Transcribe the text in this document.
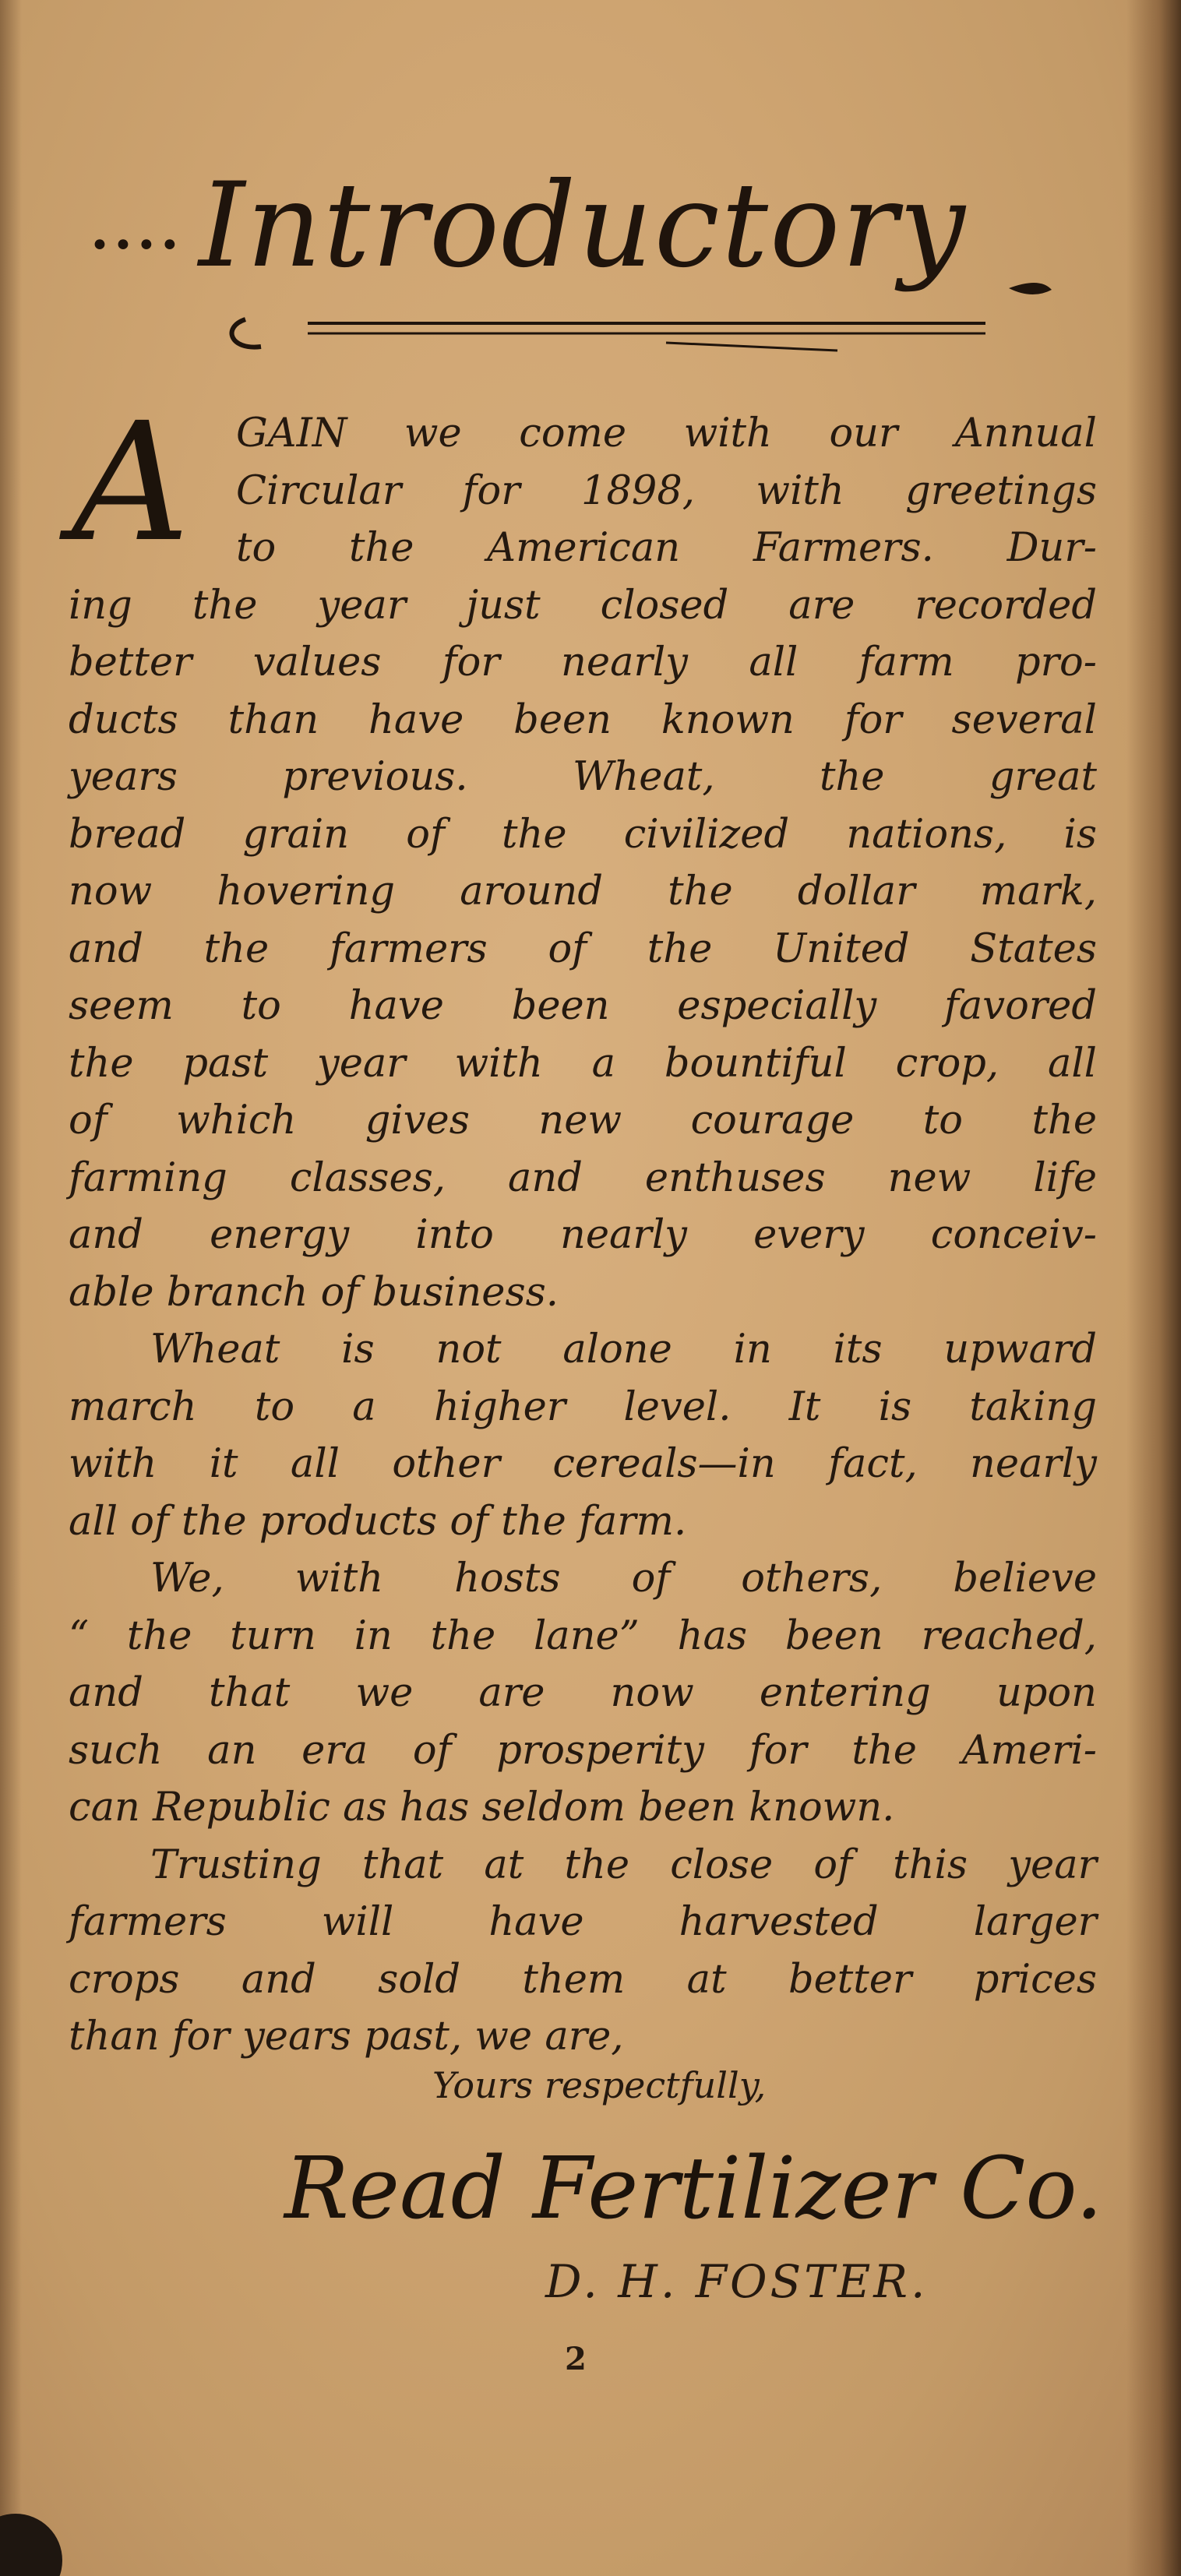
•••• Introductory
A	GAIN we come with our Annual
Circular for 1898, with greetings
to the American Farmers. Dur-
ing the year just closed are recorded
better values for nearly all farm pro-
ducts than have been known for several
years previous. Wheat, the great
bread grain of the civilized nations, is
now hovering around the dollar mark,
and the farmers of the United States
seem to have been especially favored
the past year with a bountiful crop, all
of which gives new courage to the
farming classes, and enthuses new life
and energy into nearly every conceiv-
able branch of business.
Wheat is not alone in its upward
march to a higher level. It is taking
with it all other cereals—in fact, nearly
all of the products of the farm.
We, with hosts of others, believe
“ the turn in the lane” has been reached,
and that we are now entering upon
such an era of prosperity for the Ameri-
can Republic as has seldom been known.
Trusting that at the close of this year
farmers will have harvested larger
crops and sold them at better prices
than for years past, we are,
Yours respectfully,
Read Fertilizer Co.
D. H. FOSTER.
2
